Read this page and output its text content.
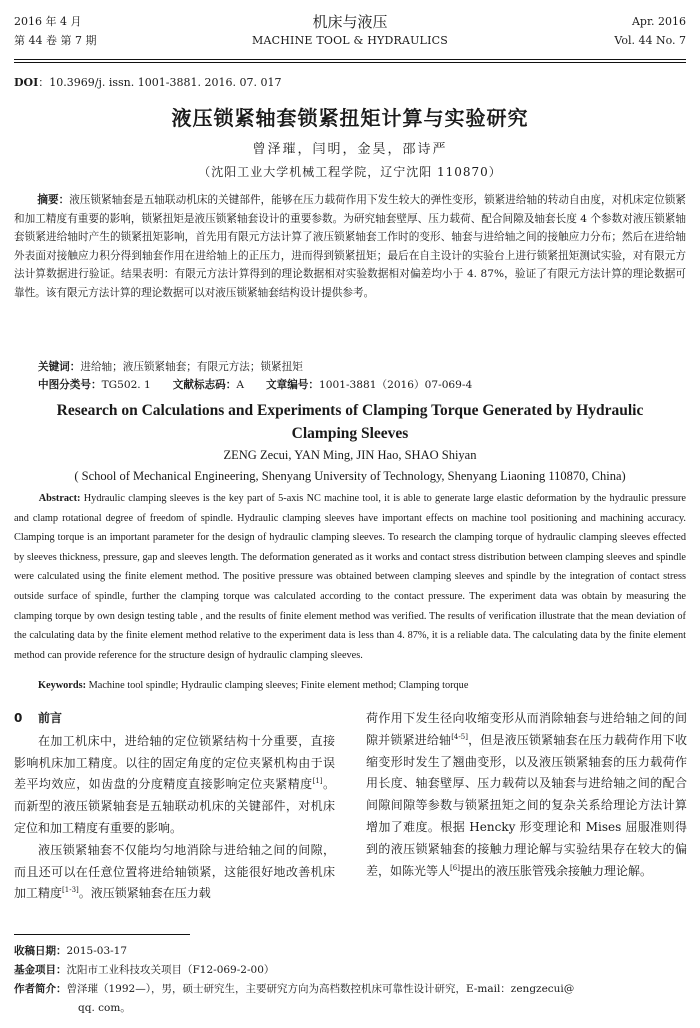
2016 年 4 月
第 44 卷 第 7 期
机床与液压
MACHINE TOOL & HYDRAULICS
Apr. 2016
Vol. 44 No. 7
DOI：10.3969/j. issn. 1001-3881. 2016. 07. 017
液压锁紧轴套锁紧扭矩计算与实验研究
曾泽璀，闫明，金昊，邵诗严
（沈阳工业大学机械工程学院，辽宁沈阳 110870）
摘要：液压锁紧轴套是五轴联动机床的关键部件，能够在压力载荷作用下发生较大的弹性变形，锁紧进给轴的转动自由度，对机床定位锁紧和加工精度有重要的影响，锁紧扭矩是液压锁紧轴套设计的重要参数。为研究轴套壁厚、压力载荷、配合间隙及轴套长度 4 个参数对液压锁紧轴套锁紧进给轴时产生的锁紧扭矩影响，首先用有限元方法计算了液压锁紧轴套工作时的变形、轴套与进给轴之间的接触应力分布；然后在进给轴外表面对接触应力积分得到轴套作用在进给轴上的正压力，进而得到锁紧扭矩；最后在自主设计的实验台上进行锁紧扭矩测试实验，对有限元方法计算数据进行验证。结果表明：有限元方法计算得到的理论数据相对实验数据相对偏差均小于 4. 87%，验证了有限元方法计算的理论数据可靠性。该有限元方法计算的理论数据可以对液压锁紧轴套结构设计提供参考。
关键词：进给轴；液压锁紧轴套；有限元方法；锁紧扭矩
中图分类号：TG502. 1 文献标志码：A 文章编号：1001-3881（2016）07-069-4
Research on Calculations and Experiments of Clamping Torque Generated by Hydraulic Clamping Sleeves
ZENG Zecui, YAN Ming, JIN Hao, SHAO Shiyan
( School of Mechanical Engineering, Shenyang University of Technology, Shenyang Liaoning 110870, China)
Abstract: Hydraulic clamping sleeves is the key part of 5-axis NC machine tool, it is able to generate large elastic deformation by the hydraulic pressure and clamp rotational degree of freedom of spindle. Hydraulic clamping sleeves have important effects on machine tool positioning and machining accuracy. Clamping torque is an important parameter for the design of hydraulic clamping sleeves. To research the clamping torque of hydraulic clamping sleeves effected by sleeves thickness, pressure, gap and sleeves length. The deformation generated as it works and contact stress distribution between clamping sleeves and spindle were calculated using the finite element method. The positive pressure was obtained between clamping sleeves and spindle by the integration of contact stress outside surface of spindle, further the clamping torque was calculated according to the contact pressure. The experiment data was obtain by measuring the clamping torque by own design testing table , and the results of finite element method was verified. The results of verification illustrate that the mean deviation of the calculating data by the finite element method relative to the experiment data is less than 4. 87%, it is a reliable data. The calculating data by the finite element method can provide reference for the structure design of hydraulic clamping sleeves.
Keywords: Machine tool spindle; Hydraulic clamping sleeves; Finite element method; Clamping torque
0 前言

在加工机床中，进给轴的定位锁紧结构十分重要，直接影响机床加工精度。以往的固定角度的定位夹紧机构由于误差平均效应，如齿盘的分度精度直接影响定位夹紧精度[1]。而新型的液压锁紧轴套是五轴联动机床的关键部件，对机床定位和加工精度有重要的影响。

液压锁紧轴套不仅能均匀地消除与进给轴之间的间隙，而且还可以在任意位置将进给轴锁紧，这能很好地改善机床加工精度[1-3]。液压锁紧轴套在压力载

荷作用下发生径向收缩变形从而消除轴套与进给轴之间的间隙并锁紧进给轴[4-5]，但是液压锁紧轴套在压力载荷作用下收缩变形时发生了翘曲变形，以及液压锁紧轴套的压力载荷作用长度、轴套壁厚、压力载荷以及轴套与进给轴之间的配合间隙间隙等参数与锁紧扭矩之间的复杂关系给理论方法计算增加了难度。根据 Hencky 形变理论和 Mises 屈服准则得到的液压锁紧轴套的接触力理论解与实验结果存在较大的偏差，如陈光等人[6]提出的液压胀管残余接触力理论解。

收稿日期：2015-03-17
基金项目：沈阳市工业科技攻关项目（F12-069-2-00）
作者简介：曾泽璀（1992—），男，硕士研究生，主要研究方向为高档数控机床可靠性设计研究，E-mail：zengzecui@
qq. com。
